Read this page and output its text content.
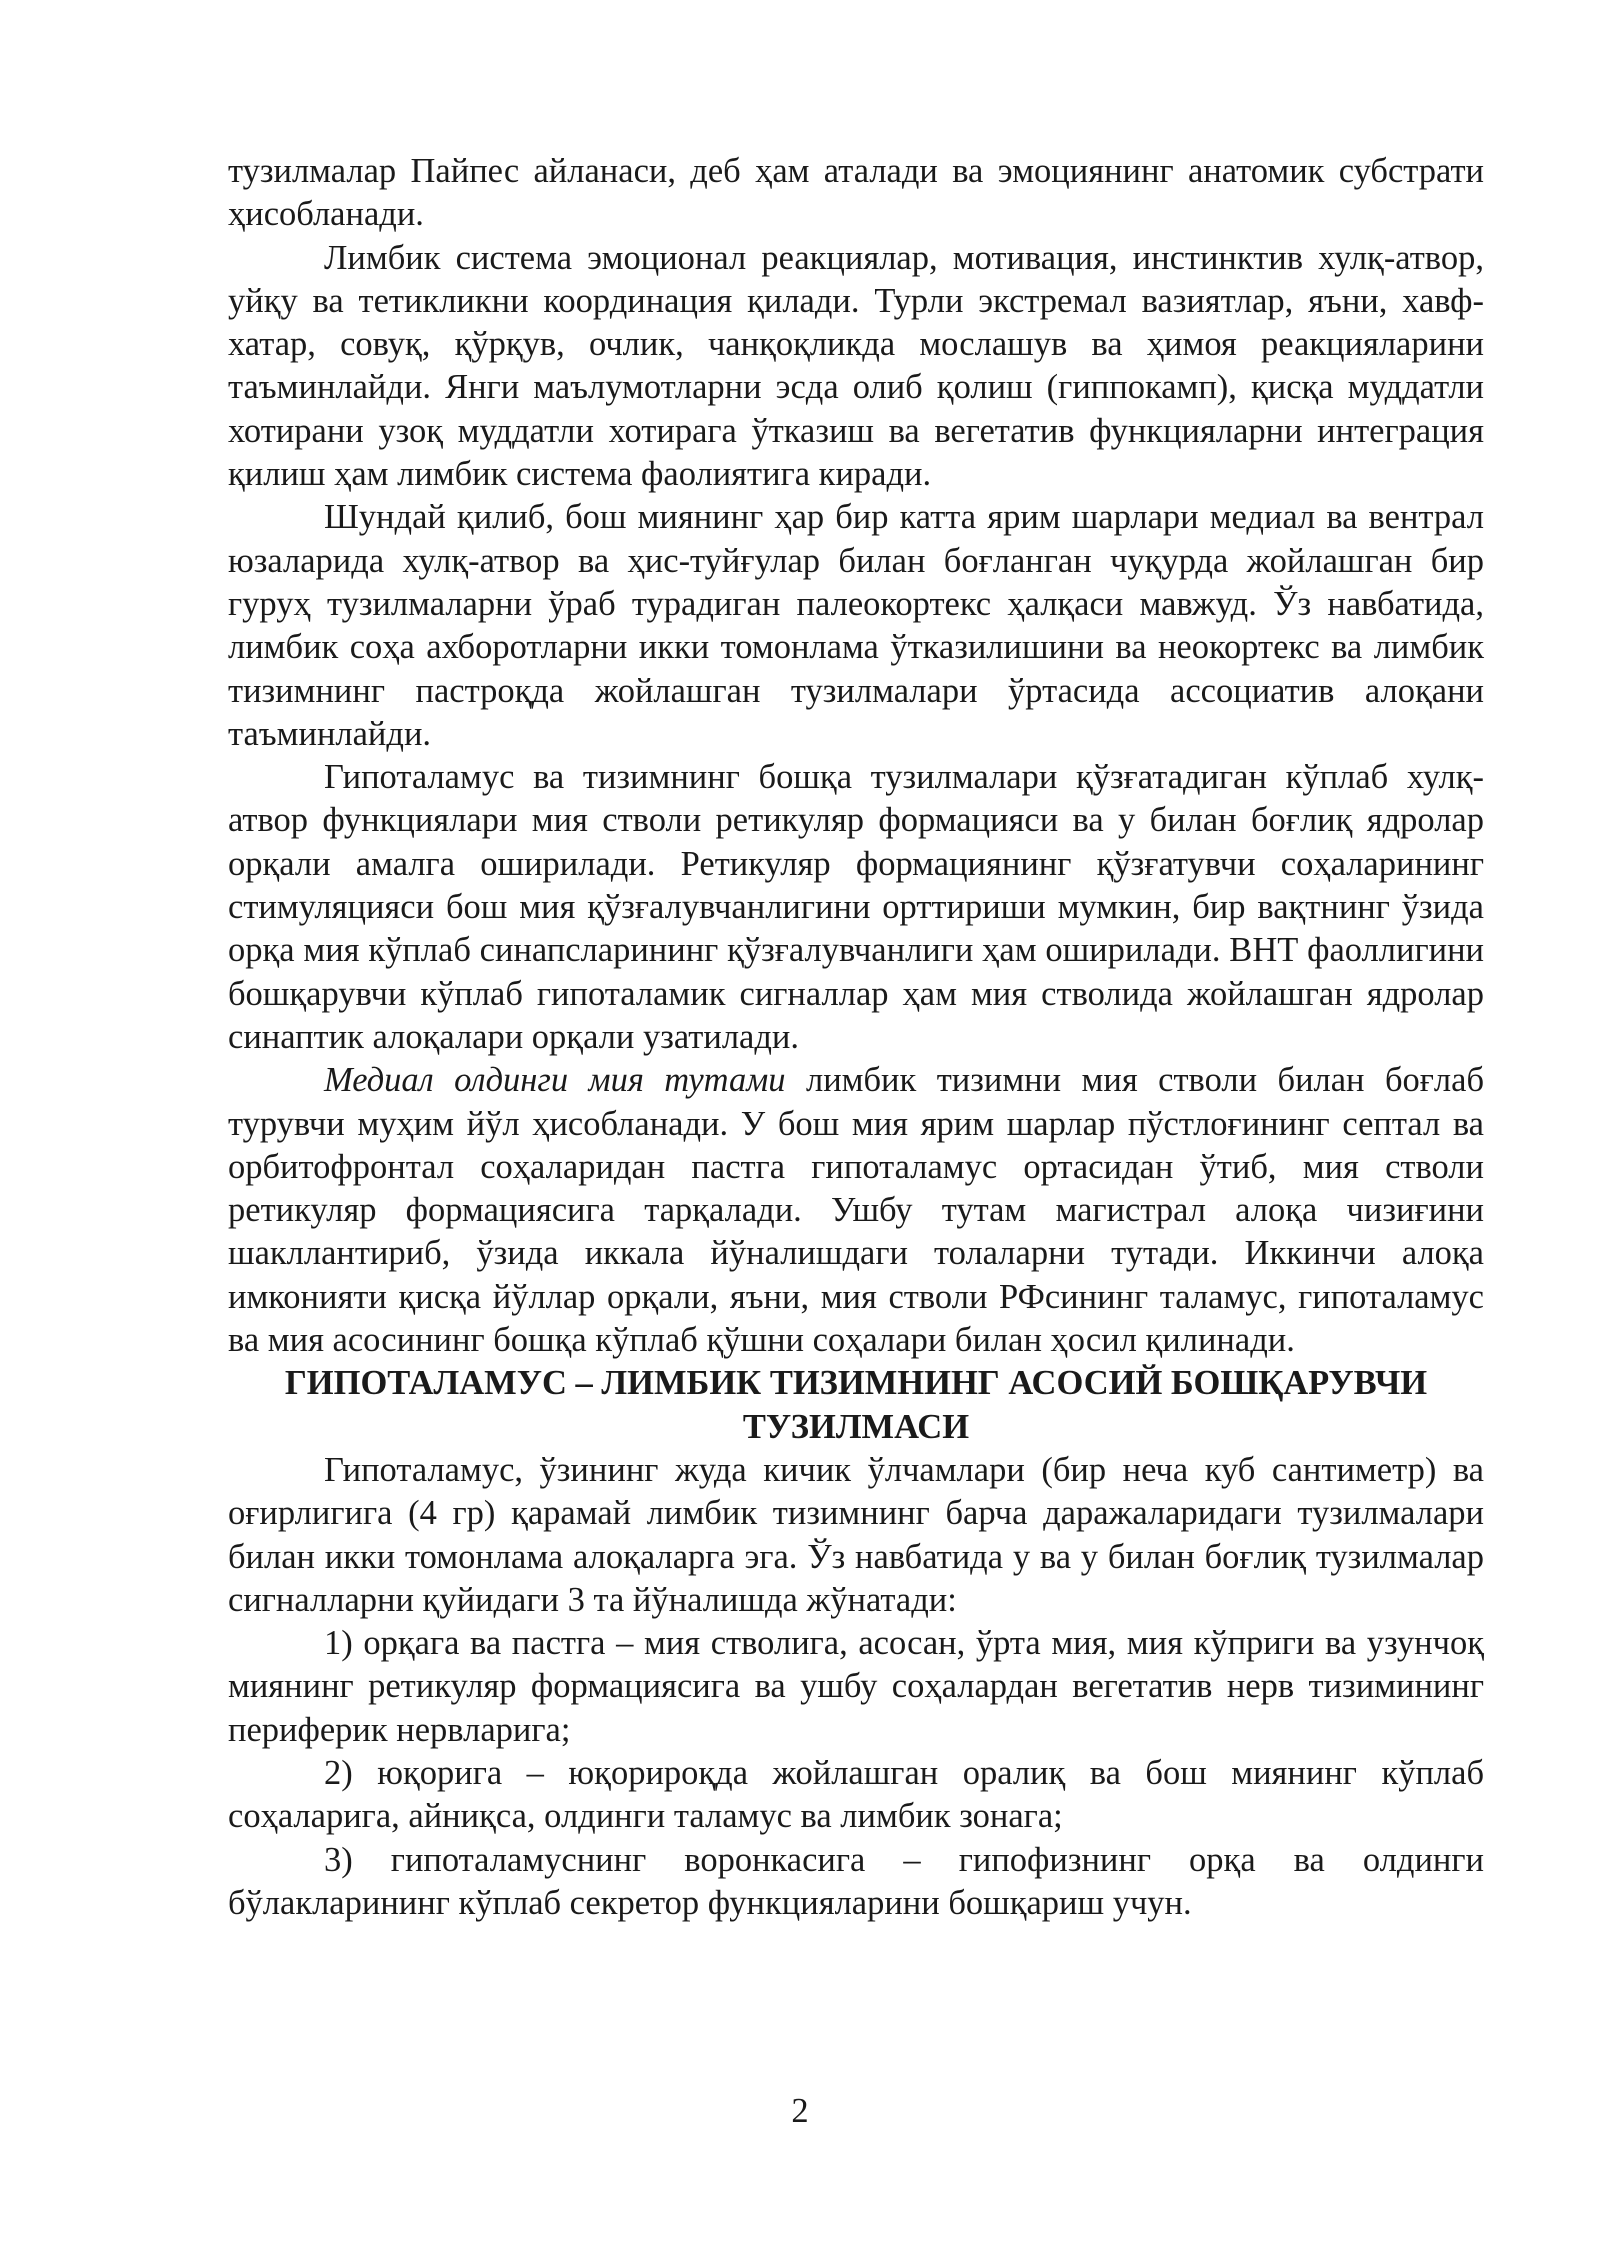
тузилмалар Пайпес айланаси, деб ҳам аталади ва эмоциянинг анатомик субстрати ҳисобланади.

Лимбик система эмоционал реакциялар, мотивация, инстинктив хулқ-атвор, уйқу ва тетикликни координация қилади. Турли экстремал вазиятлар, яъни, хавф-хатар, совуқ, қўрқув, очлик, чанқоқликда мослашув ва ҳимоя реакцияларини таъминлайди. Янги маълумотларни эсда олиб қолиш (гиппокамп), қисқа муддатли хотирани узоқ муддатли хотирага ўтказиш ва вегетатив функцияларни интеграция қилиш ҳам лимбик система фаолиятига киради.

Шундай қилиб, бош миянинг ҳар бир катта ярим шарлари медиал ва вентрал юзаларида хулқ-атвор ва ҳис-туйғулар билан боғланган чуқурда жойлашган бир гуруҳ тузилмаларни ўраб турадиган палеокортекс ҳалқаси мавжуд. Ўз навбатида, лимбик соҳа ахборотларни икки томонлама ўтказилишини ва неокортекс ва лимбик тизимнинг пастроқда жойлашган тузилмалари ўртасида ассоциатив алоқани таъминлайди.

Гипоталамус ва тизимнинг бошқа тузилмалари қўзғатадиган кўплаб хулқ-атвор функциялари мия стволи ретикуляр формацияси ва у билан боғлиқ ядролар орқали амалга оширилади. Ретикуляр формациянинг қўзғатувчи соҳаларининг стимуляцияси бош мия қўзғалувчанлигини орттириши мумкин, бир вақтнинг ўзида орқа мия кўплаб синапсларининг қўзғалувчанлиги ҳам оширилади. ВНТ фаоллигини бошқарувчи кўплаб гипоталамик сигналлар ҳам мия стволида жойлашган ядролар синаптик алоқалари орқали узатилади.

Медиал олдинги мия тутами лимбик тизимни мия стволи билан боғлаб турувчи муҳим йўл ҳисобланади. У бош мия ярим шарлар пўстлоғининг септал ва орбитофронтал соҳаларидан пастга гипоталамус ортасидан ўтиб, мия стволи ретикуляр формациясига тарқалади. Ушбу тутам магистрал алоқа чизиғини шакллантириб, ўзида иккала йўналишдаги толаларни тутади. Иккинчи алоқа имконияти қисқа йўллар орқали, яъни, мия стволи РФсининг таламус, гипоталамус ва мия асосининг бошқа кўплаб қўшни соҳалари билан ҳосил қилинади.

ГИПОТАЛАМУС – ЛИМБИК ТИЗИМНИНГ АСОСИЙ БОШҚАРУВЧИ ТУЗИЛМАСИ

Гипоталамус, ўзининг жуда кичик ўлчамлари (бир неча куб сантиметр) ва оғирлигига (4 гр) қарамай лимбик тизимнинг барча даражаларидаги тузилмалари билан икки томонлама алоқаларга эга. Ўз навбатида у ва у билан боғлиқ тузилмалар сигналларни қуйидаги 3 та йўналишда жўнатади:

1) орқага ва пастга – мия стволига, асосан, ўрта мия, мия кўприги ва узунчоқ миянинг ретикуляр формациясига ва ушбу соҳалардан вегетатив нерв тизимининг периферик нервларига;

2) юқорига – юқорироқда жойлашган оралиқ ва бош миянинг кўплаб соҳаларига, айниқса, олдинги таламус ва лимбик зонага;

3) гипоталамуснинг воронкасига – гипофизнинг орқа ва олдинги бўлакларининг кўплаб секретор функцияларини бошқариш учун.

2
